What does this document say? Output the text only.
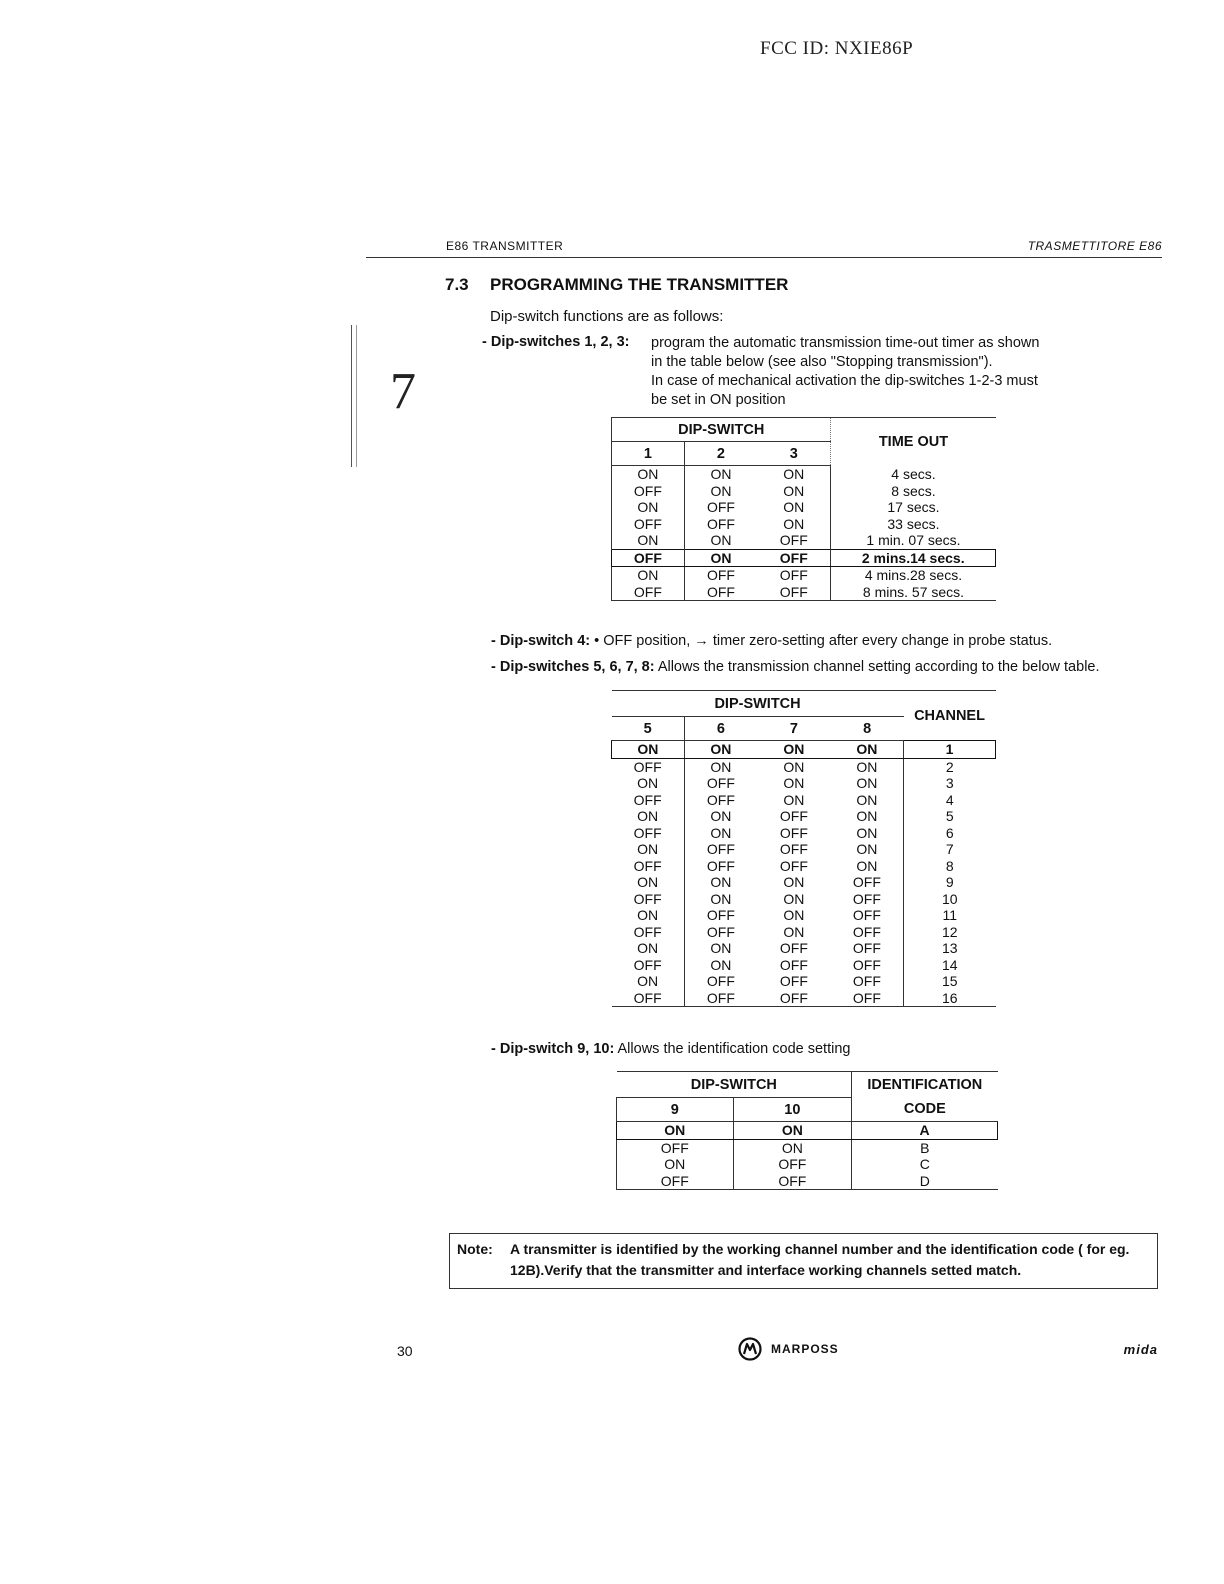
FCC ID: NXIE86P
E86 TRANSMITTER	TRASMETTITORE E86
7
7.3 PROGRAMMING THE TRANSMITTER
Dip-switch functions are as follows:
- Dip-switches 1, 2, 3: program the automatic transmission time-out timer as shown
in the table below (see also "Stopping transmission").
In case of mechanical activation the dip-switches 1-2-3 must
be set in ON position
DIP-SWITCH			TIME OUT
1	2	3	
ON	ON	ON	4 secs.
OFF	ON	ON	8 secs.
ON	OFF	ON	17 secs.
OFF	OFF	ON	33 secs.
ON	ON	OFF	1 min. 07 secs.
OFF	ON	OFF	2 mins.14 secs.
ON	OFF	OFF	4 mins.28 secs.
OFF	OFF	OFF	8 mins. 57 secs.
- Dip-switch 4: • OFF position, → timer zero-setting after every change in probe status.
- Dip-switches 5, 6, 7, 8: Allows the transmission channel setting according to the below table.
DIP-SWITCH				CHANNEL
5	6	7	8	
ON	ON	ON	ON	1
OFF	ON	ON	ON	2
ON	OFF	ON	ON	3
OFF	OFF	ON	ON	4
ON	ON	OFF	ON	5
OFF	ON	OFF	ON	6
ON	OFF	OFF	ON	7
OFF	OFF	OFF	ON	8
ON	ON	ON	OFF	9
OFF	ON	ON	OFF	10
ON	OFF	ON	OFF	11
OFF	OFF	ON	OFF	12
ON	ON	OFF	OFF	13
OFF	ON	OFF	OFF	14
ON	OFF	OFF	OFF	15
OFF	OFF	OFF	OFF	16
- Dip-switch 9, 10: Allows the identification code setting
DIP-SWITCH		IDENTIFICATION
9	10	CODE
ON	ON	A
OFF	ON	B
ON	OFF	C
OFF	OFF	D
Note: A transmitter is identified by the working channel number and the identification code ( for eg.
12B).Verify that the transmitter and interface working channels setted match.
30	MARPOSS	mida
